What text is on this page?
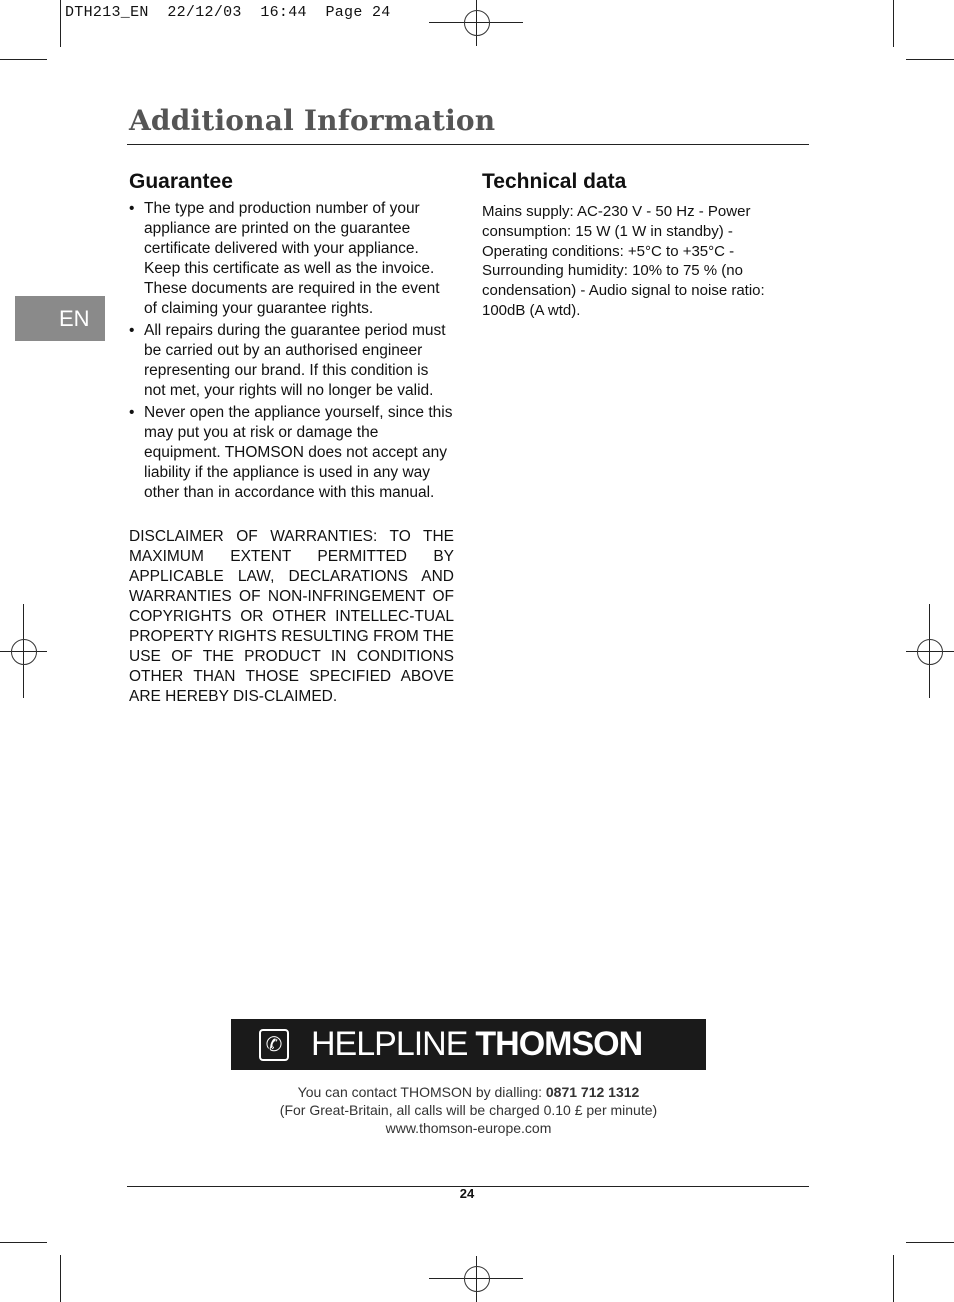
DTH213_EN  22/12/03  16:44  Page 24
Additional Information
EN
Guarantee
• The type and production number of your appliance are printed on the guarantee certificate delivered with your appliance. Keep this certificate as well as the invoice. These documents are required in the event of claiming your guarantee rights.
• All repairs during the guarantee period must be carried out by an authorised engineer representing our brand. If this condition is not met, your rights will no longer be valid.
• Never open the appliance yourself, since this may put you at risk or damage the equipment. THOMSON does not accept any liability if the appliance is used in any way other than in accordance with this manual.
DISCLAIMER OF WARRANTIES: TO THE MAXIMUM EXTENT PERMITTED BY APPLICABLE LAW, DECLARATIONS AND WARRANTIES OF NON-INFRINGEMENT OF COPYRIGHTS OR OTHER INTELLEC-TUAL PROPERTY RIGHTS RESULTING FROM THE USE OF THE PRODUCT IN CONDITIONS OTHER THAN THOSE SPECIFIED ABOVE ARE HEREBY DIS-CLAIMED.
Technical data
Mains supply: AC-230 V - 50 Hz - Power consumption: 15 W (1 W in standby) - Operating conditions: +5°C to +35°C - Surrounding humidity: 10% to 75 % (no condensation) - Audio signal to noise ratio: 100dB (A wtd).
✆ HELPLINE THOMSON
You can contact THOMSON by dialling: 0871 712 1312
(For Great-Britain, all calls will be charged 0.10 £ per minute)
www.thomson-europe.com
24
